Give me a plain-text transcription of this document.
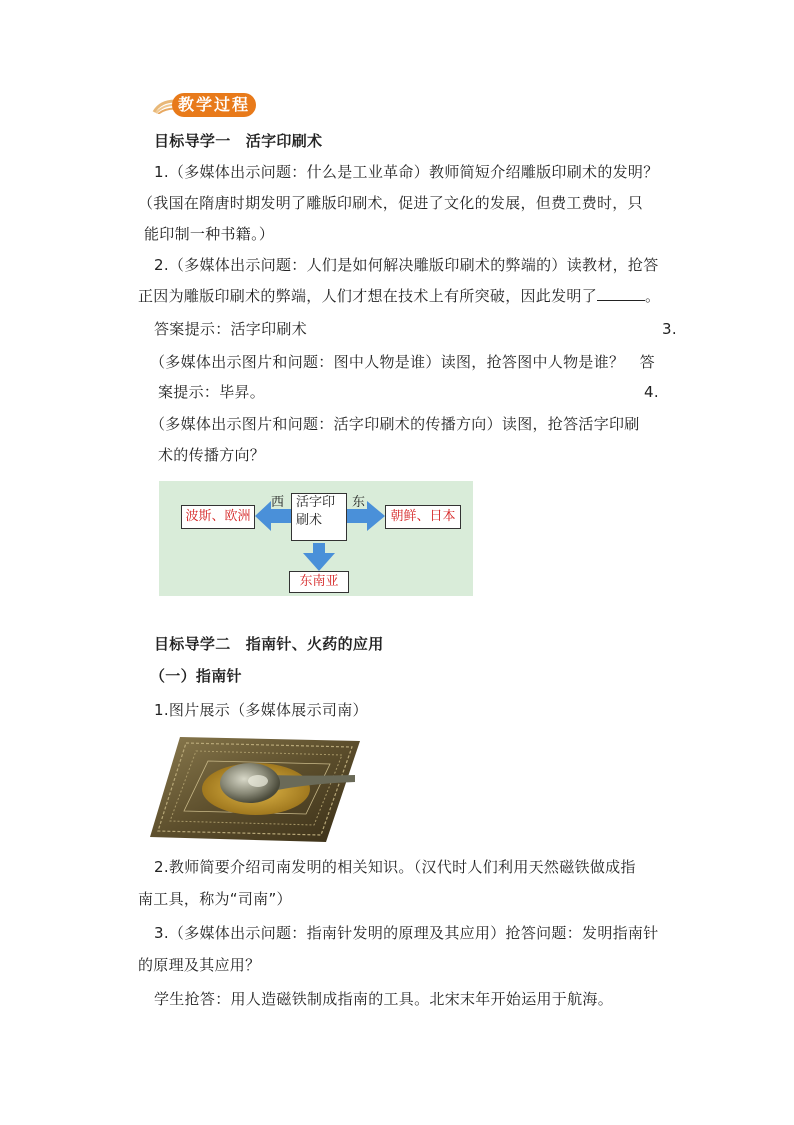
教学过程
目标导学一　活字印刷术
1.（多媒体出示问题：什么是工业革命）教师简短介绍雕版印刷术的发明？
（我国在隋唐时期发明了雕版印刷术，促进了文化的发展，但费工费时，只
能印制一种书籍。）
2.（多媒体出示问题：人们是如何解决雕版印刷术的弊端的）读教材，抢答
正因为雕版印刷术的弊端，人们才想在技术上有所突破，因此发明了	。
答案提示：活字印刷术	3.
（多媒体出示图片和问题：图中人物是谁）读图，抢答图中人物是谁？　答
案提示：毕昇。	4.
（多媒体出示图片和问题：活字印刷术的传播方向）读图，抢答活字印刷
术的传播方向？
活字印
刷术
西	东
波斯、欧洲	朝鲜、日本
东南亚
目标导学二　指南针、火药的应用
（一）指南针
1.图片展示（多媒体展示司南）
2.教师简要介绍司南发明的相关知识。（汉代时人们利用天然磁铁做成指
南工具，称为“司南”）
3.（多媒体出示问题：指南针发明的原理及其应用）抢答问题：发明指南针
的原理及其应用？
学生抢答：用人造磁铁制成指南的工具。北宋末年开始运用于航海。
